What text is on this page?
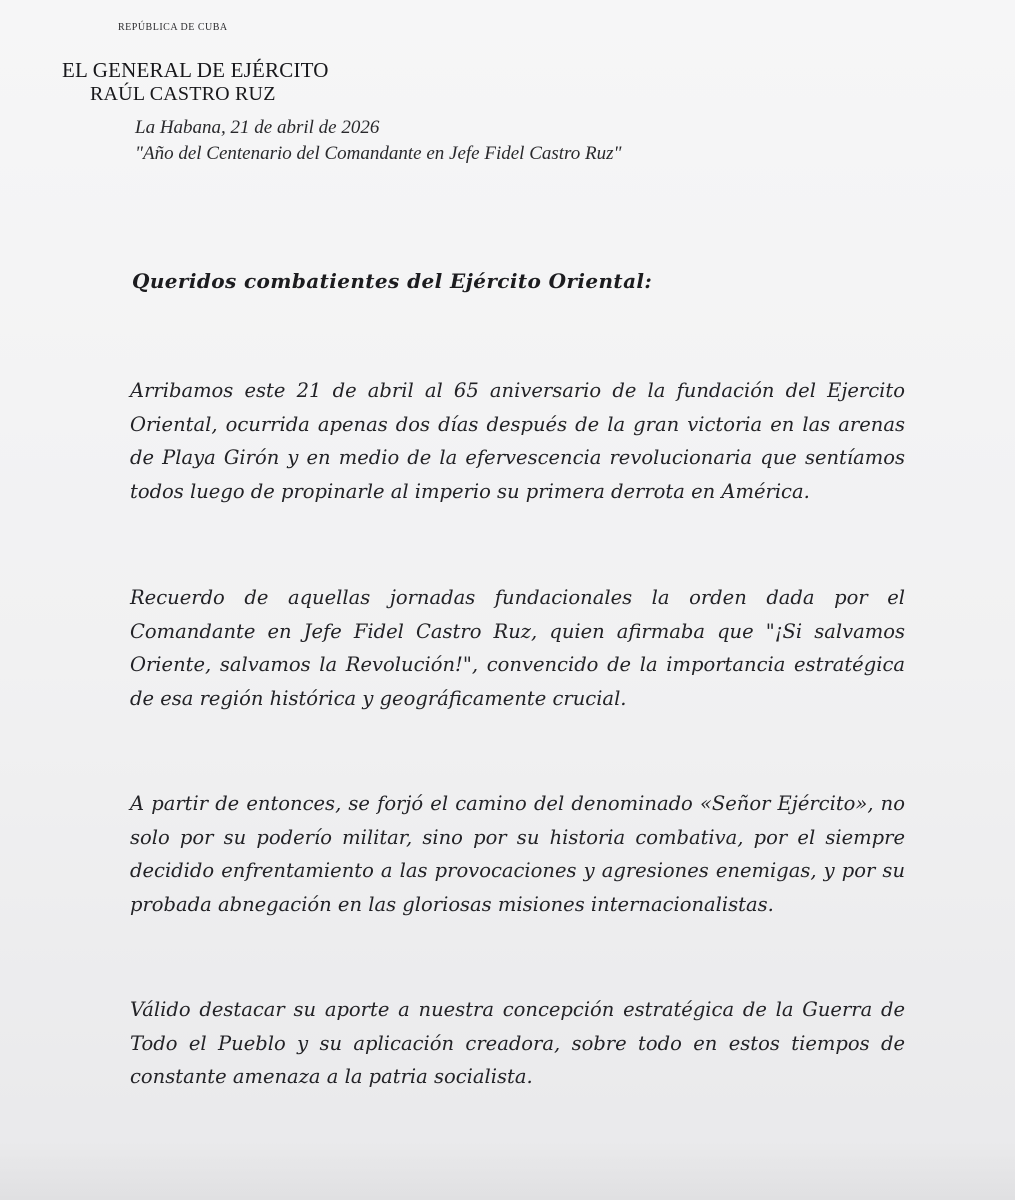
REPÚBLICA DE CUBA
EL GENERAL DE EJÉRCITO
RAÚL CASTRO RUZ
La Habana, 21 de abril de 2026
"Año del Centenario del Comandante en Jefe Fidel Castro Ruz"
Queridos combatientes del Ejército Oriental:

Arribamos este 21 de abril al 65 aniversario de la fundación del Ejercito Oriental, ocurrida apenas dos días después de la gran victoria en las arenas de Playa Girón y en medio de la efervescencia revolucionaria que sentíamos todos luego de propinarle al imperio su primera derrota en América.

Recuerdo de aquellas jornadas fundacionales la orden dada por el Comandante en Jefe Fidel Castro Ruz, quien afirmaba que "¡Si salvamos Oriente, salvamos la Revolución!", convencido de la importancia estratégica de esa región histórica y geográficamente crucial.

A partir de entonces, se forjó el camino del denominado «Señor Ejército», no solo por su poderío militar, sino por su historia combativa, por el siempre decidido enfrentamiento a las provocaciones y agresiones enemigas, y por su probada abnegación en las gloriosas misiones internacionalistas.

Válido destacar su aporte a nuestra concepción estratégica de la Guerra de Todo el Pueblo y su aplicación creadora, sobre todo en estos tiempos de constante amenaza a la patria socialista.
